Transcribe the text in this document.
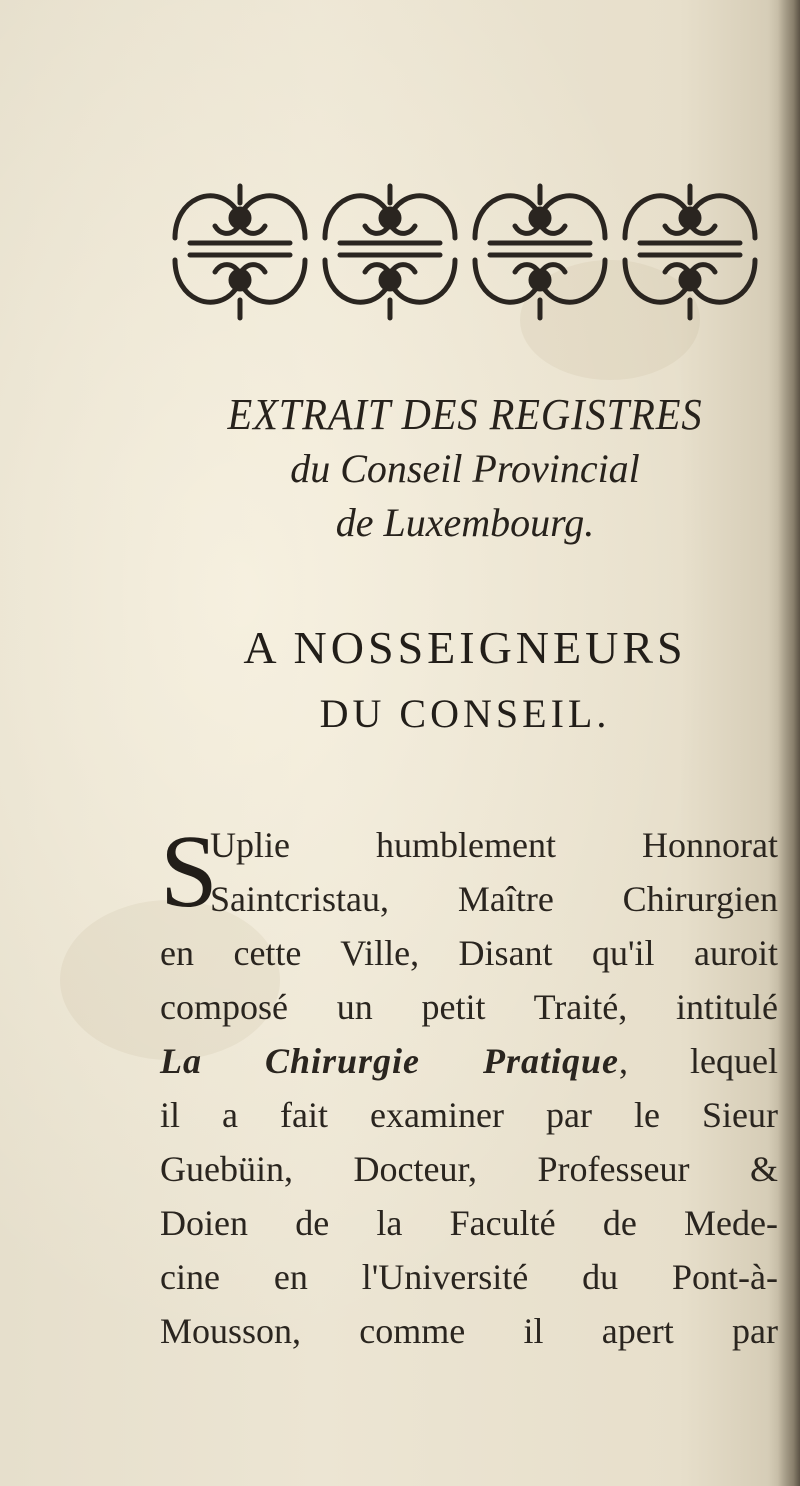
EXTRAIT DES REGISTRES

du Conseil Provincial

de Luxembourg.

A NOSSEIGNEURS

DU CONSEIL.

S
Uplie humblement Honnorat
Saintcristau, Maître Chirurgien
en cette Ville, Disant qu'il auroit
composé un petit Traité, intitulé
La Chirurgie Pratique, lequel
il a fait examiner par le Sieur
Guebüin, Docteur, Professeur &
Doien de la Faculté de Mede-
cine en l'Université du Pont-à-
Mousson, comme il apert par
